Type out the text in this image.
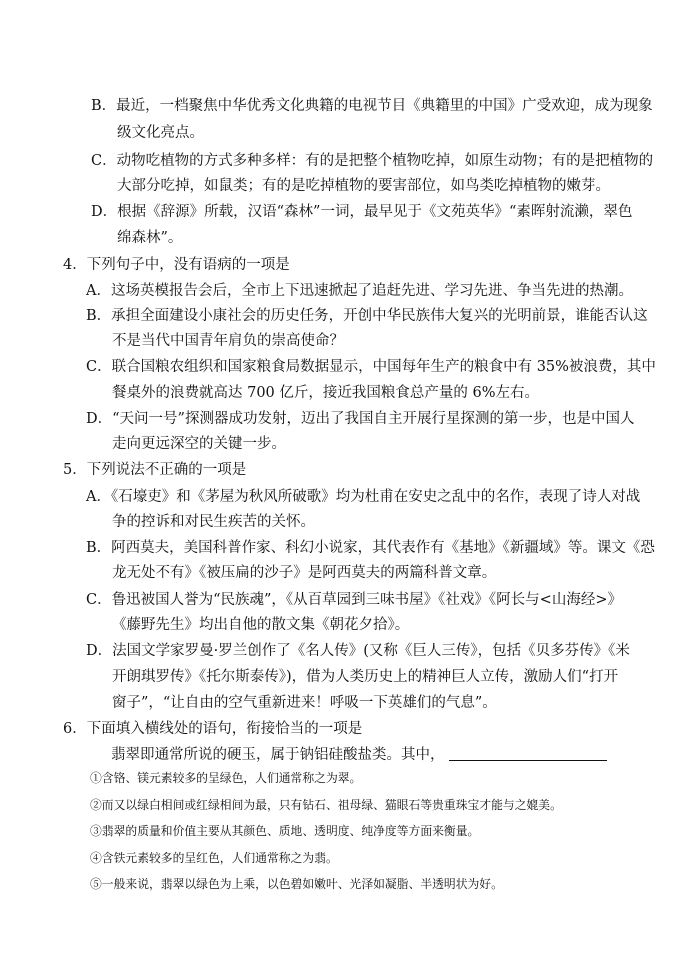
B．最近，一档聚焦中华优秀文化典籍的电视节目《典籍里的中国》广受欢迎，成为现象
级文化亮点。
C．动物吃植物的方式多种多样：有的是把整个植物吃掉，如原生动物；有的是把植物的
大部分吃掉，如鼠类；有的是吃掉植物的要害部位，如鸟类吃掉植物的嫩芽。
D．根据《辞源》所载，汉语“森林”一词，最早见于《文苑英华》“素晖射流濑，翠色
绵森林”。
4．下列句子中，没有语病的一项是
A．这场英模报告会后，全市上下迅速掀起了追赶先进、学习先进、争当先进的热潮。
B．承担全面建设小康社会的历史任务，开创中华民族伟大复兴的光明前景，谁能否认这
不是当代中国青年肩负的崇高使命？
C．联合国粮农组织和国家粮食局数据显示，中国每年生产的粮食中有 35%被浪费，其中
餐桌外的浪费就高达 700 亿斤，接近我国粮食总产量的 6%左右。
D．“天问一号”探测器成功发射，迈出了我国自主开展行星探测的第一步，也是中国人
走向更远深空的关键一步。
5．下列说法不正确的一项是
A．《石壕吏》和《茅屋为秋风所破歌》均为杜甫在安史之乱中的名作，表现了诗人对战
争的控诉和对民生疾苦的关怀。
B．阿西莫夫，美国科普作家、科幻小说家，其代表作有《基地》《新疆域》等。课文《恐
龙无处不有》《被压扁的沙子》是阿西莫夫的两篇科普文章。
C．鲁迅被国人誉为“民族魂”，《从百草园到三味书屋》《社戏》《阿长与<山海经>》
《藤野先生》均出自他的散文集《朝花夕拾》。
D．法国文学家罗曼·罗兰创作了《名人传》(又称《巨人三传》，包括《贝多芬传》《米
开朗琪罗传》《托尔斯泰传》)，借为人类历史上的精神巨人立传，激励人们“打开
窗子”，“让自由的空气重新进来！呼吸一下英雄们的气息”。
6．下面填入横线处的语句，衔接恰当的一项是
翡翠即通常所说的硬玉，属于钠铝硅酸盐类。其中，
①含铬、镁元素较多的呈绿色，人们通常称之为翠。
②而又以绿白相间或红绿相间为最，只有钻石、祖母绿、猫眼石等贵重珠宝才能与之媲美。
③翡翠的质量和价值主要从其颜色、质地、透明度、纯净度等方面来衡量。
④含铁元素较多的呈红色，人们通常称之为翡。
⑤一般来说，翡翠以绿色为上乘，以色碧如嫩叶、光泽如凝脂、半透明状为好。
